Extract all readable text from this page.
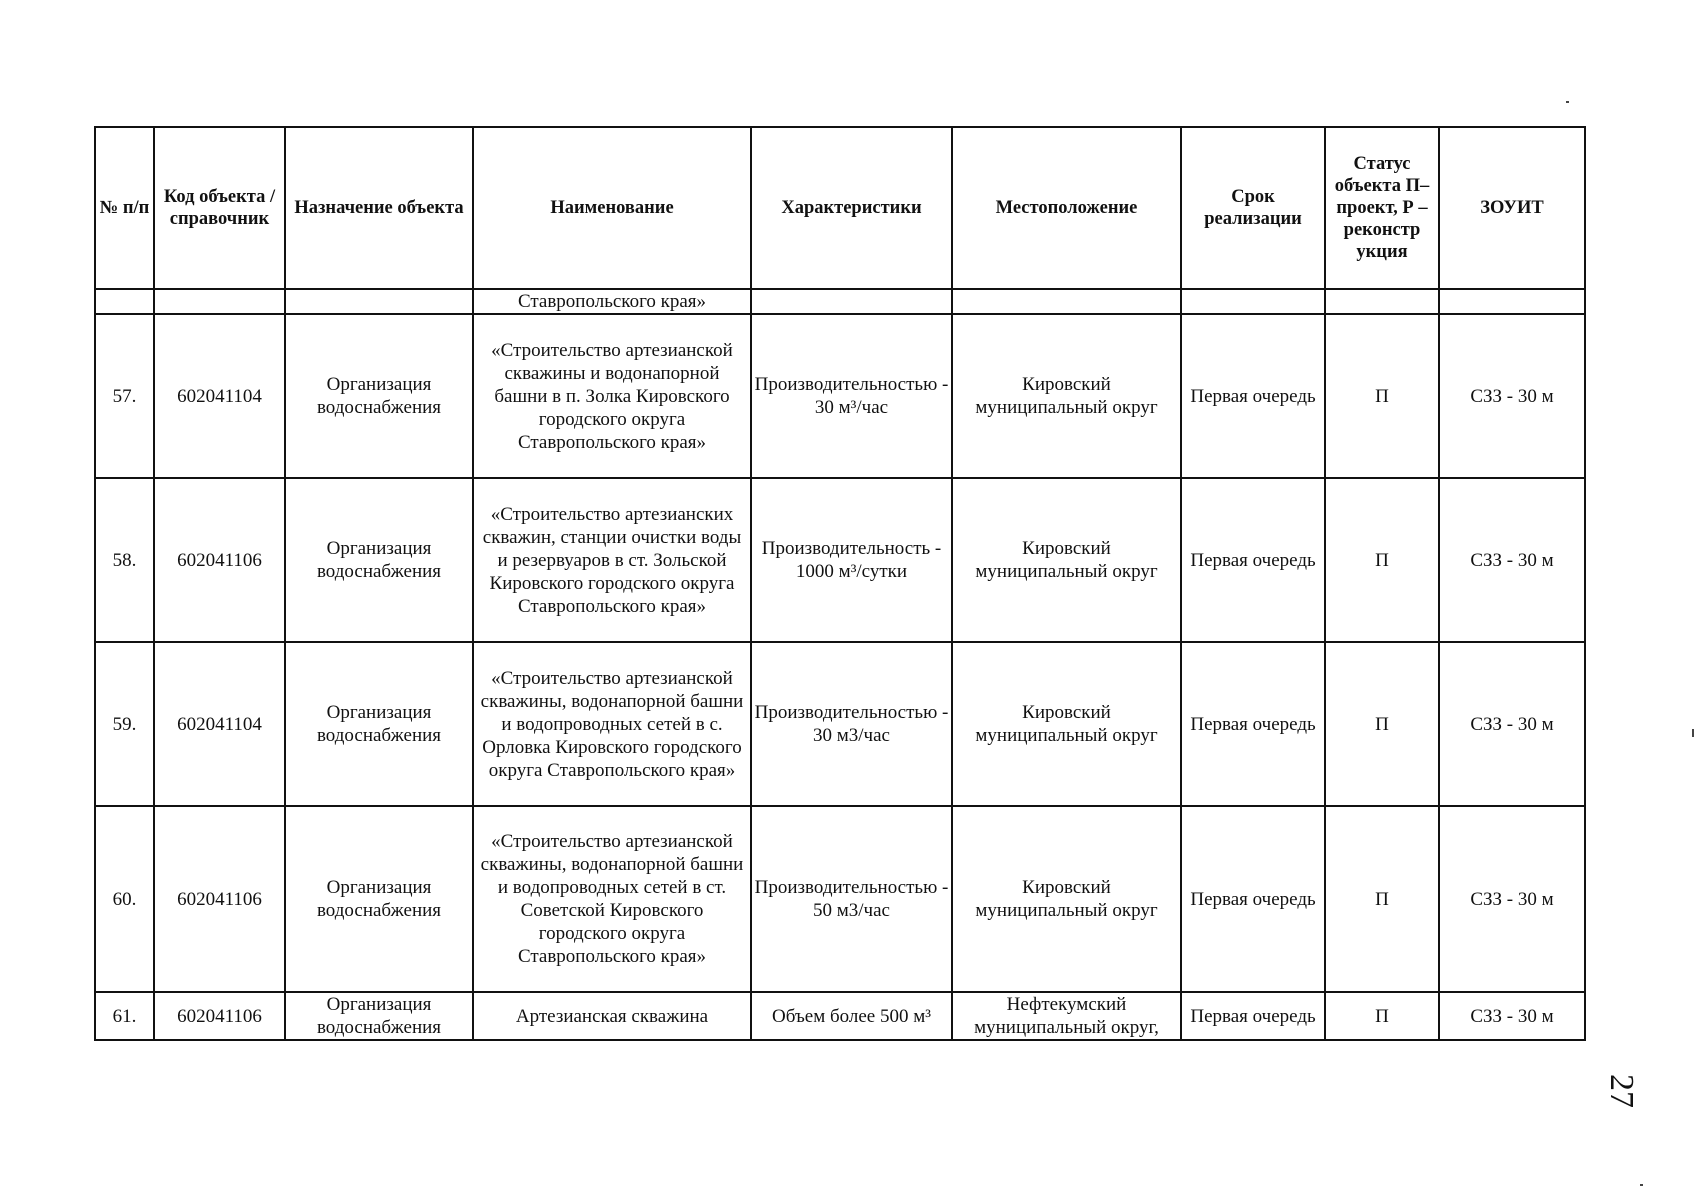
№ п/п	Код объекта / справочник	Назначение объекта	Наименование	Характеристики	Местоположение	Срок реализации	Статус объекта П– проект, Р – реконстр укция	ЗОУИТ
			Ставропольского края»					
57.	602041104	Организация водоснабжения	«Строительство артезианской скважины и водонапорной башни в п. Золка Кировского городского округа Ставропольского края»	Производительностью - 30 м³/час	Кировский муниципальный округ	Первая очередь	П	СЗЗ - 30 м
58.	602041106	Организация водоснабжения	«Строительство артезианских скважин, станции очистки воды и резервуаров в ст. Зольской Кировского городского округа Ставропольского края»	Производительность - 1000 м³/сутки	Кировский муниципальный округ	Первая очередь	П	СЗЗ - 30 м
59.	602041104	Организация водоснабжения	«Строительство артезианской скважины, водонапорной башни и водопроводных сетей в с. Орловка Кировского городского округа Ставропольского края»	Производительностью - 30 м3/час	Кировский муниципальный округ	Первая очередь	П	СЗЗ - 30 м
60.	602041106	Организация водоснабжения	«Строительство артезианской скважины, водонапорной башни и водопроводных сетей в ст. Советской Кировского городского округа Ставропольского края»	Производительностью - 50 м3/час	Кировский муниципальный округ	Первая очередь	П	СЗЗ - 30 м
61.	602041106	Организация водоснабжения	Артезианская скважина	Объем более 500 м³	Нефтекумский муниципальный округ,	Первая очередь	П	СЗЗ - 30 м
27
